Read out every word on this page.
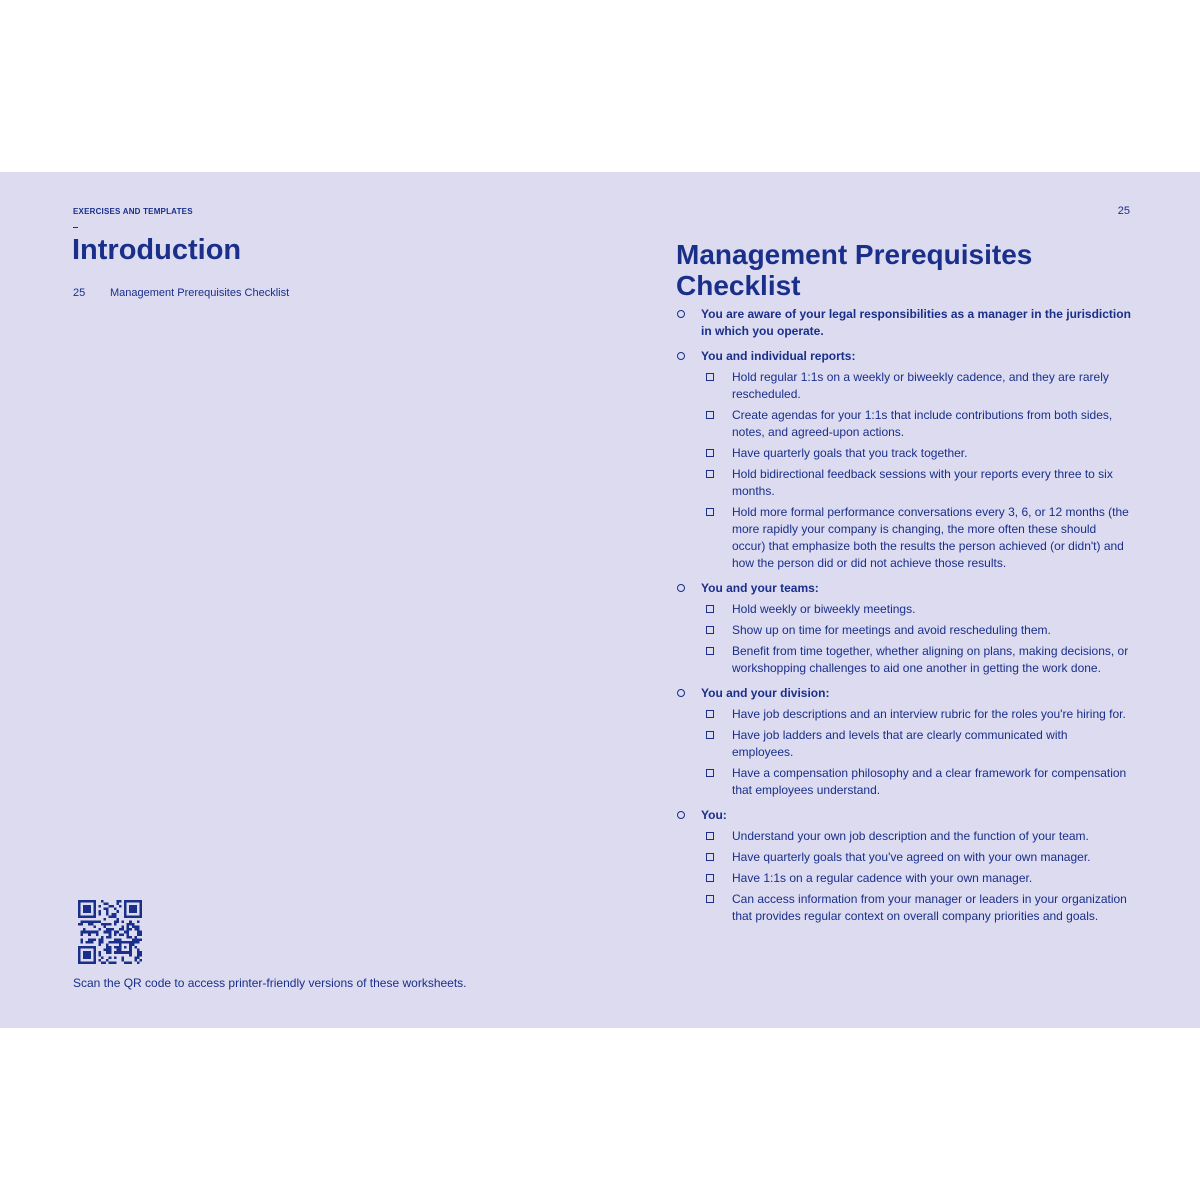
EXERCISES AND TEMPLATES
Introduction
25 Management Prerequisites Checklist
Scan the QR code to access printer-friendly versions of these worksheets.
25
Management Prerequisites Checklist
You are aware of your legal responsibilities as a manager in the jurisdiction in which you operate.
You and individual reports:
Hold regular 1:1s on a weekly or biweekly cadence, and they are rarely rescheduled.
Create agendas for your 1:1s that include contributions from both sides, notes, and agreed-upon actions.
Have quarterly goals that you track together.
Hold bidirectional feedback sessions with your reports every three to six months.
Hold more formal performance conversations every 3, 6, or 12 months (the more rapidly your company is changing, the more often these should occur) that emphasize both the results the person achieved (or didn't) and how the person did or did not achieve those results.
You and your teams:
Hold weekly or biweekly meetings.
Show up on time for meetings and avoid rescheduling them.
Benefit from time together, whether aligning on plans, making decisions, or workshopping challenges to aid one another in getting the work done.
You and your division:
Have job descriptions and an interview rubric for the roles you're hiring for.
Have job ladders and levels that are clearly communicated with employees.
Have a compensation philosophy and a clear framework for compensation that employees understand.
You:
Understand your own job description and the function of your team.
Have quarterly goals that you've agreed on with your own manager.
Have 1:1s on a regular cadence with your own manager.
Can access information from your manager or leaders in your organization that provides regular context on overall company priorities and goals.
